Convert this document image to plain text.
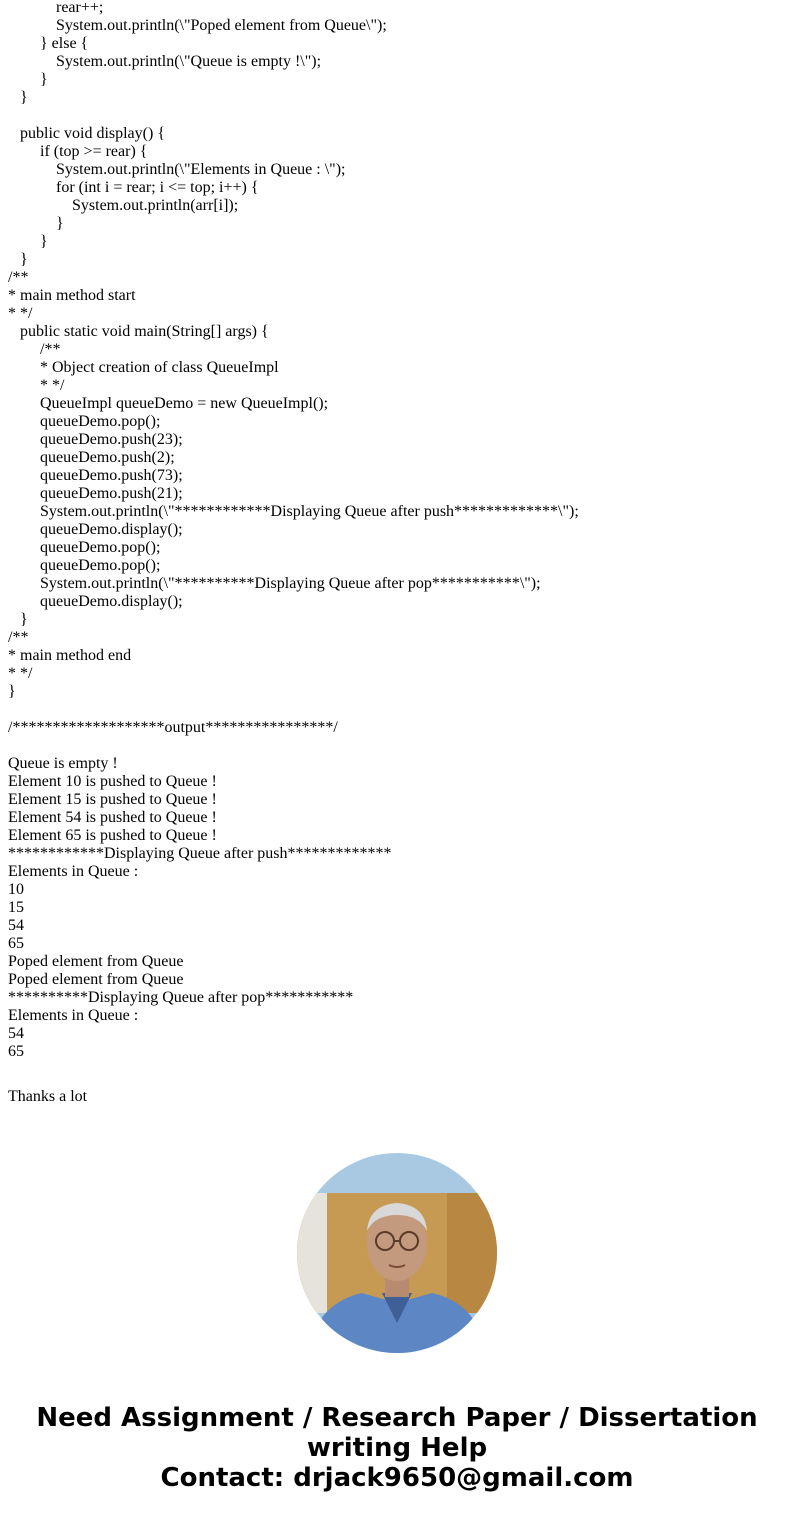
rear++;
System.out.println(\"Poped element from Queue\");
} else {
System.out.println(\"Queue is empty !\");
}
}
public void display() {
if (top >= rear) {
System.out.println(\"Elements in Queue : \");
for (int i = rear; i <= top; i++) {
System.out.println(arr[i]);
}
}
}
/**
* main method start
* */
public static void main(String[] args) {
/**
* Object creation of class QueueImpl
* */
QueueImpl queueDemo = new QueueImpl();
queueDemo.pop();
queueDemo.push(23);
queueDemo.push(2);
queueDemo.push(73);
queueDemo.push(21);
System.out.println(\"************Displaying Queue after push*************\");
queueDemo.display();
queueDemo.pop();
queueDemo.pop();
System.out.println(\"**********Displaying Queue after pop***********\");
queueDemo.display();
}
/**
* main method end
* */
}
/*******************output****************/
Queue is empty !
Element 10 is pushed to Queue !
Element 15 is pushed to Queue !
Element 54 is pushed to Queue !
Element 65 is pushed to Queue !
************Displaying Queue after push*************
Elements in Queue :
10
15
54
65
Poped element from Queue
Poped element from Queue
**********Displaying Queue after pop***********
Elements in Queue :
54
65
Thanks a lot
Need Assignment / Research Paper / Dissertation
writing Help
Contact: drjack9650@gmail.com
